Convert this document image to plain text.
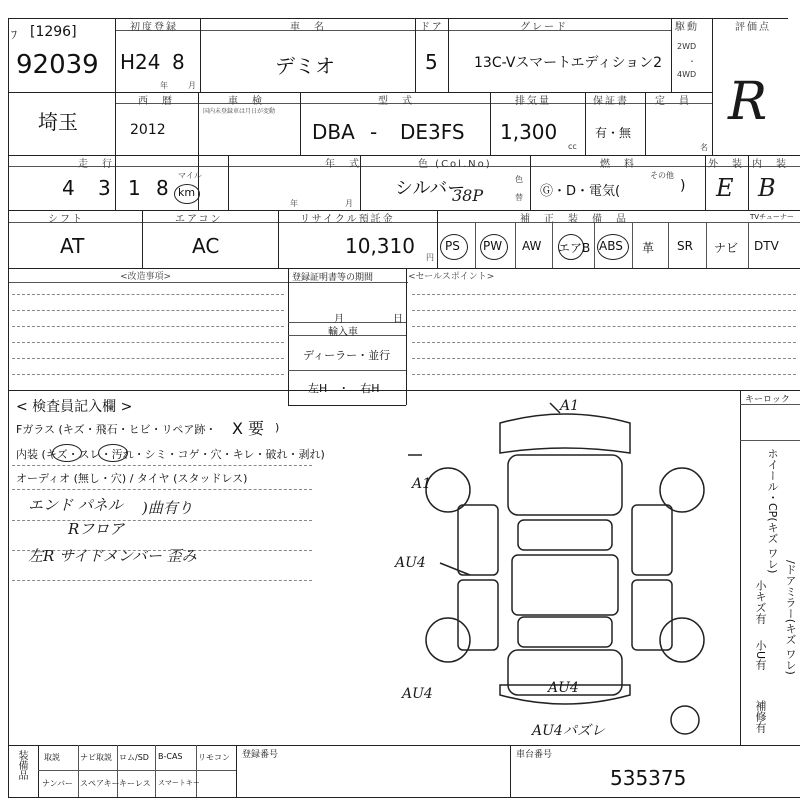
ﾌ [1296]
92039
初度登録
H24 8
年	月
車　名
デミオ
ドア
5
グレード
13C-Vスマートエディション2
駆動
2WD
・
4WD
評価点
R
埼玉
西　暦
2012
車　検
国内未登録車は月日が変動
型　式
DBA - DE3FS
排気量
1,300
cc
保証書
有・無
定　員
名
走　行
4 3 1 8
マイル
km
年　式
年	月
色 (Col.No)
シルバー
38P
色
替
燃　料
Ⓖ・D・電気(
その他
)
外　装
E
内　装
B
シフト
AT
エアコン
AC
リサイクル預託金
10,310 円
補　正　装　備　品	TVチューナー
PS PW AW エアB ABS 革 SR ナビ DTV
<改造事項>	登録証明書等の期間	<セールスポイント>
月	日
輸入車
ディーラー・並行
左H　・　右H
< 検査員記入欄 >	キーロック
Fガラス (キズ・飛石・ヒビ・リペア跡・ X 要 )
内装 (キズ・スレ・汚れ・シミ・コゲ・穴・キレ・破れ・剥れ)
オーディオ (無し・穴) / タイヤ (スタッドレス)
エンド パネル )曲有り
Rフロア
左R サイドメンバー 歪み
A1
A1
AU4
AU4	AU4
AU4パズレ
ホイール・CP(キズ ワレ)
/ドアミラー(キズ ワレ)
小キズ有
小U有
補修有
装備品 取説	ナビ取説 ロム/SD B-CAS リモコン
ナンバー スペアキー キーレス スマートキー
登録番号	車台番号
535375
